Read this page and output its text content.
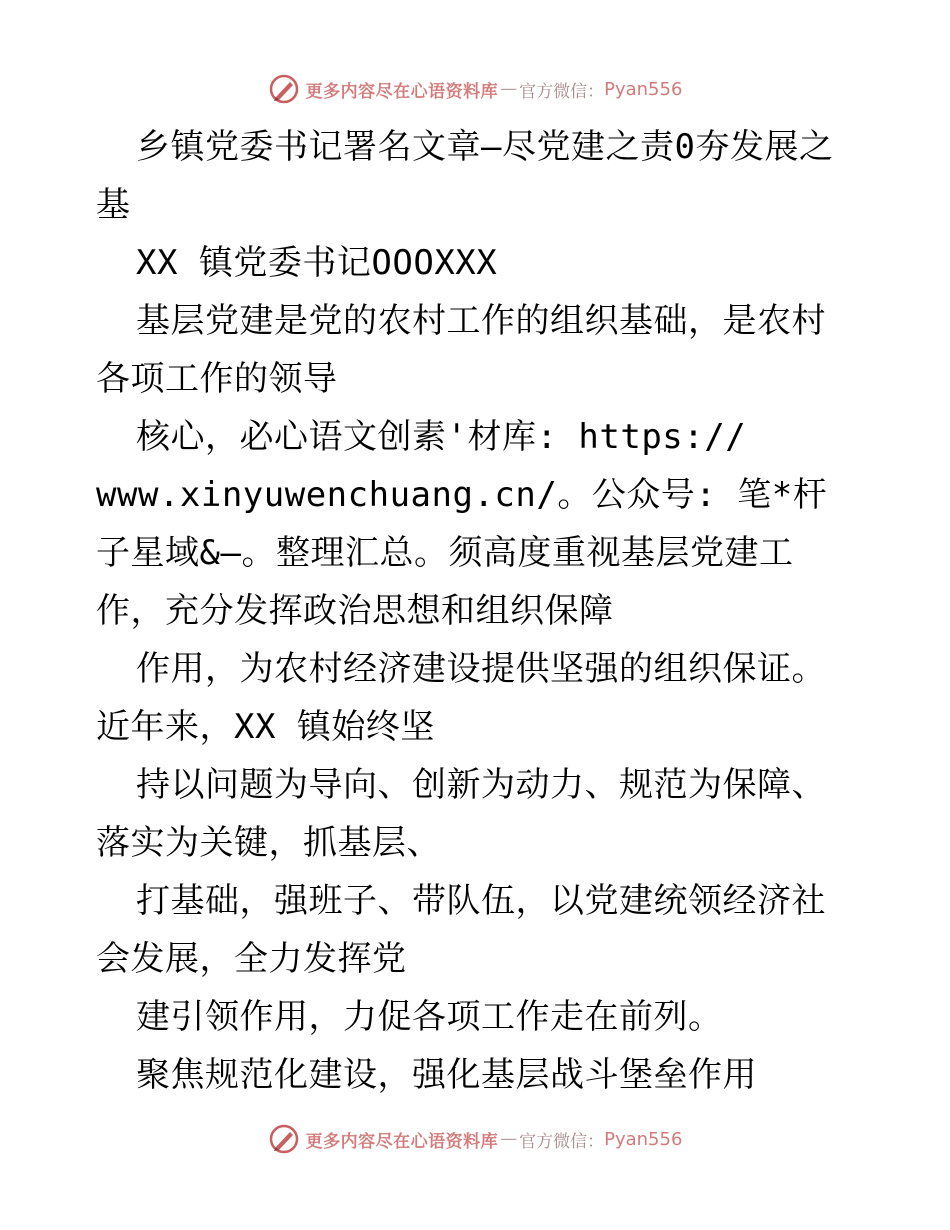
更多内容尽在心语资料库 — 官方微信： Pyan556

乡镇党委书记署名文章—尽党建之责0夯发展之基

XX 镇党委书记OOOXXX

基层党建是党的农村工作的组织基础，是农村各项工作的领导

核心，必心语文创素'材库: https:// www.xinyuwenchuang.cn/。公众号: 笔*杆子星域&—。整理汇总。须高度重视基层党建工作，充分发挥政治思想和组织保障

作用，为农村经济建设提供坚强的组织保证。近年来，XX 镇始终坚

持以问题为导向、创新为动力、规范为保障、落实为关键，抓基层、

打基础，强班子、带队伍，以党建统领经济社会发展，全力发挥党

建引领作用，力促各项工作走在前列。

聚焦规范化建设，强化基层战斗堡垒作用

更多内容尽在心语资料库 — 官方微信： Pyan556
